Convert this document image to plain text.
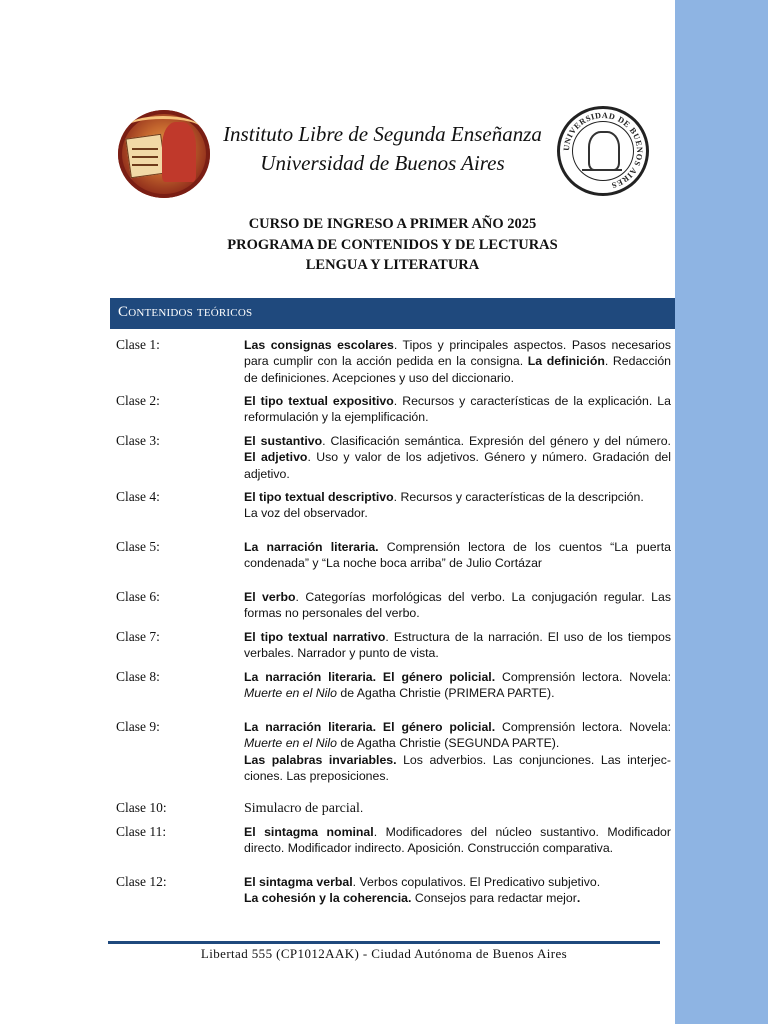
Instituto Libre de Segunda Enseñanza
Universidad de Buenos Aires
UNIVERSIDAD DE BUENOS AIRES
CURSO DE INGRESO A PRIMER AÑO 2025
PROGRAMA DE CONTENIDOS Y DE LECTURAS
LENGUA Y LITERATURA
Contenidos teóricos
Clase 1:	Las consignas escolares. Tipos y principales aspectos. Pasos necesarios para cumplir con la acción pedida en la consigna. La definición. Redacción de definiciones. Acepciones y uso del diccionario.
Clase 2:	El tipo textual expositivo. Recursos y características de la explicación. La reformulación y la ejemplificación.
Clase 3:	El sustantivo. Clasificación semántica. Expresión del género y del número. El adjetivo. Uso y valor de los adjetivos. Género y número. Gradación del adjetivo.
Clase 4:	El tipo textual descriptivo. Recursos y características de la descripción.
La voz del observador.
Clase 5:	La narración literaria. Comprensión lectora de los cuentos “La puerta condenada” y “La noche boca arriba” de Julio Cortázar
Clase 6:	El verbo. Categorías morfológicas del verbo. La conjugación regular. Las formas no personales del verbo.
Clase 7:	El tipo textual narrativo. Estructura de la narración. El uso de los tiempos verbales. Narrador y punto de vista.
Clase 8:	La narración literaria. El género policial. Comprensión lectora. Novela: Muerte en el Nilo de Agatha Christie (PRIMERA PARTE).
Clase 9:	La narración literaria. El género policial. Comprensión lectora. Novela: Muerte en el Nilo de Agatha Christie (SEGUNDA PARTE).
Las palabras invariables. Los adverbios. Las conjunciones. Las interjec-ciones. Las preposiciones.
Clase 10:	Simulacro de parcial.
Clase 11:	El sintagma nominal. Modificadores del núcleo sustantivo. Modificador directo. Modificador indirecto. Aposición. Construcción comparativa.
Clase 12:	El sintagma verbal. Verbos copulativos. El Predicativo subjetivo.
La cohesión y la coherencia. Consejos para redactar mejor.
Libertad 555 (CP1012AAK) - Ciudad Autónoma de Buenos Aires
